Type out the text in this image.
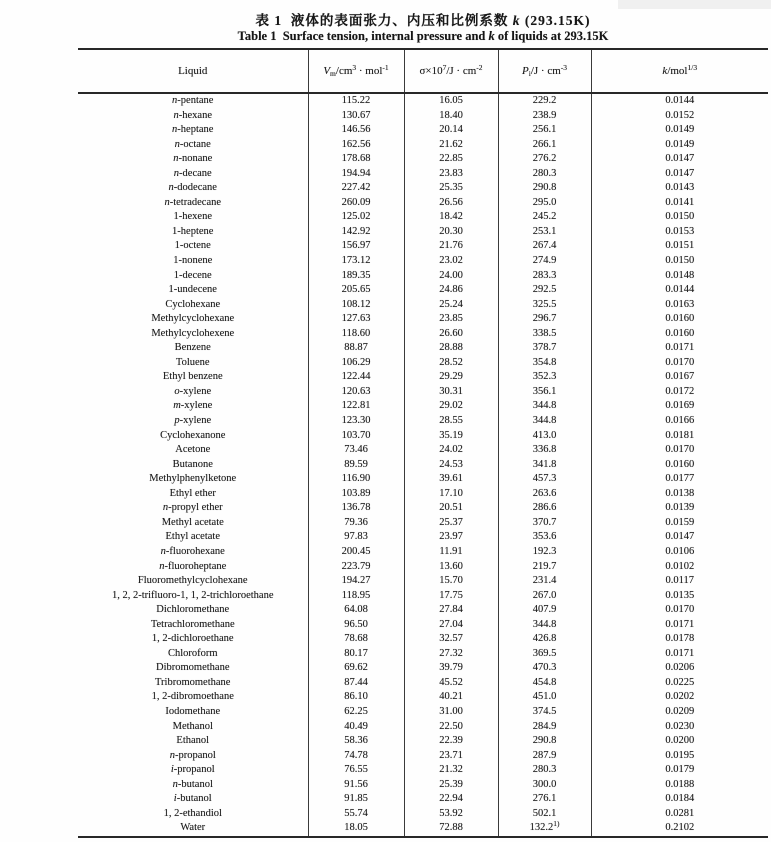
表 1  液体的表面张力、内压和比例系数 k (293.15K)
Table 1  Surface tension, internal pressure and k of liquids at 293.15K
Liquid	$V_m/cm^3 \cdot mol^{-1}$	$\sigma\times 10^7/J \cdot cm^{-2}$	$P_i/J \cdot cm^{-3}$	k/mol$^{1/3}$
n-pentane	115.22	16.05	229.2	0.0144
n-hexane	130.67	18.40	238.9	0.0152
n-heptane	146.56	20.14	256.1	0.0149
n-octane	162.56	21.62	266.1	0.0149
n-nonane	178.68	22.85	276.2	0.0147
n-decane	194.94	23.83	280.3	0.0147
n-dodecane	227.42	25.35	290.8	0.0143
n-tetradecane	260.09	26.56	295.0	0.0141
1-hexene	125.02	18.42	245.2	0.0150
1-heptene	142.92	20.30	253.1	0.0153
1-octene	156.97	21.76	267.4	0.0151
1-nonene	173.12	23.02	274.9	0.0150
1-decene	189.35	24.00	283.3	0.0148
1-undecene	205.65	24.86	292.5	0.0144
Cyclohexane	108.12	25.24	325.5	0.0163
Methylcyclohexane	127.63	23.85	296.7	0.0160
Methylcyclohexene	118.60	26.60	338.5	0.0160
Benzene	88.87	28.88	378.7	0.0171
Toluene	106.29	28.52	354.8	0.0170
Ethyl benzene	122.44	29.29	352.3	0.0167
o-xylene	120.63	30.31	356.1	0.0172
m-xylene	122.81	29.02	344.8	0.0169
p-xylene	123.30	28.55	344.8	0.0166
Cyclohexanone	103.70	35.19	413.0	0.0181
Acetone	73.46	24.02	336.8	0.0170
Butanone	89.59	24.53	341.8	0.0160
Methylphenylketone	116.90	39.61	457.3	0.0177
Ethyl ether	103.89	17.10	263.6	0.0138
n-propyl ether	136.78	20.51	286.6	0.0139
Methyl acetate	79.36	25.37	370.7	0.0159
Ethyl acetate	97.83	23.97	353.6	0.0147
n-fluorohexane	200.45	11.91	192.3	0.0106
n-fluoroheptane	223.79	13.60	219.7	0.0102
Fluoromethylcyclohexane	194.27	15.70	231.4	0.0117
1, 2, 2-trifluoro-1, 1, 2-trichloroethane	118.95	17.75	267.0	0.0135
Dichloromethane	64.08	27.84	407.9	0.0170
Tetrachloromethane	96.50	27.04	344.8	0.0171
1, 2-dichloroethane	78.68	32.57	426.8	0.0178
Chloroform	80.17	27.32	369.5	0.0171
Dibromomethane	69.62	39.79	470.3	0.0206
Tribromomethane	87.44	45.52	454.8	0.0225
1, 2-dibromoethane	86.10	40.21	451.0	0.0202
Iodomethane	62.25	31.00	374.5	0.0209
Methanol	40.49	22.50	284.9	0.0230
Ethanol	58.36	22.39	290.8	0.0200
n-propanol	74.78	23.71	287.9	0.0195
i-propanol	76.55	21.32	280.3	0.0179
n-butanol	91.56	25.39	300.0	0.0188
i-butanol	91.85	22.94	276.1	0.0184
1, 2-ethandiol	55.74	53.92	502.1	0.0281
Water	18.05	72.88	132.2$^{1)}$	0.2102
